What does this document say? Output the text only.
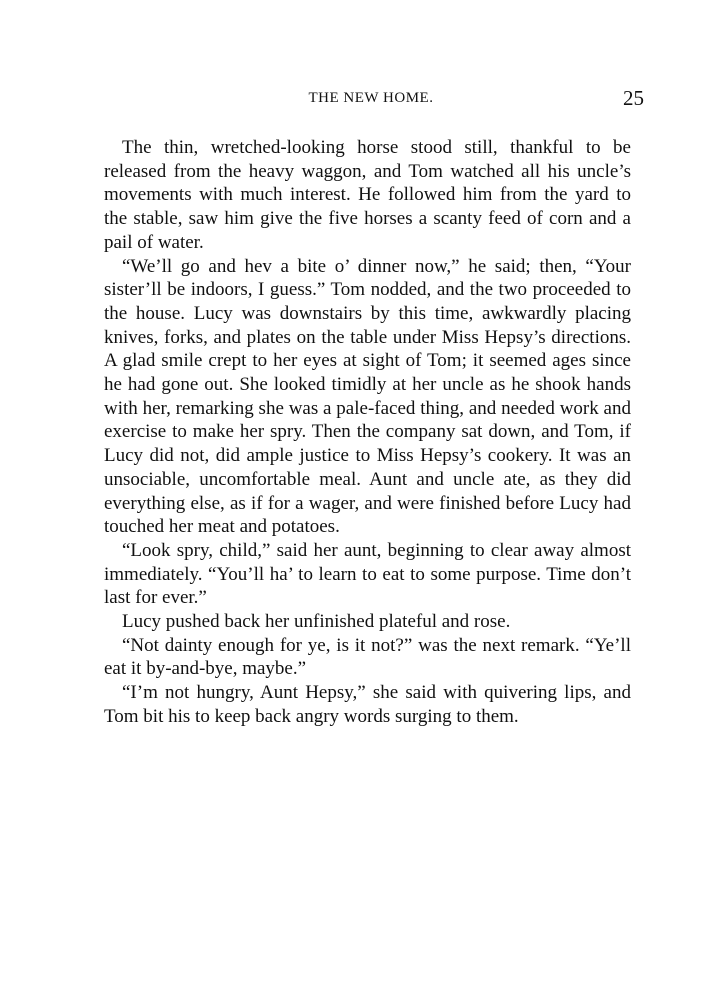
THE NEW HOME.	25

The thin, wretched-looking horse stood still, thankful to be released from the heavy waggon, and Tom watched all his uncle’s movements with much interest. He followed him from the yard to the stable, saw him give the five horses a scanty feed of corn and a pail of water.

“We’ll go and hev a bite o’ dinner now,” he said; then, “Your sister’ll be indoors, I guess.” Tom nodded, and the two proceeded to the house. Lucy was downstairs by this time, awkwardly placing knives, forks, and plates on the table under Miss Hepsy’s directions. A glad smile crept to her eyes at sight of Tom; it seemed ages since he had gone out. She looked timidly at her uncle as he shook hands with her, remarking she was a pale-faced thing, and needed work and exercise to make her spry. Then the company sat down, and Tom, if Lucy did not, did ample justice to Miss Hepsy’s cookery. It was an unsociable, uncomfortable meal. Aunt and uncle ate, as they did everything else, as if for a wager, and were finished before Lucy had touched her meat and potatoes.

“Look spry, child,” said her aunt, beginning to clear away almost immediately. “You’ll ha’ to learn to eat to some purpose. Time don’t last for ever.”

Lucy pushed back her unfinished plateful and rose.

“Not dainty enough for ye, is it not?” was the next remark. “Ye’ll eat it by-and-bye, maybe.”

“I’m not hungry, Aunt Hepsy,” she said with quivering lips, and Tom bit his to keep back angry words surging to them.
